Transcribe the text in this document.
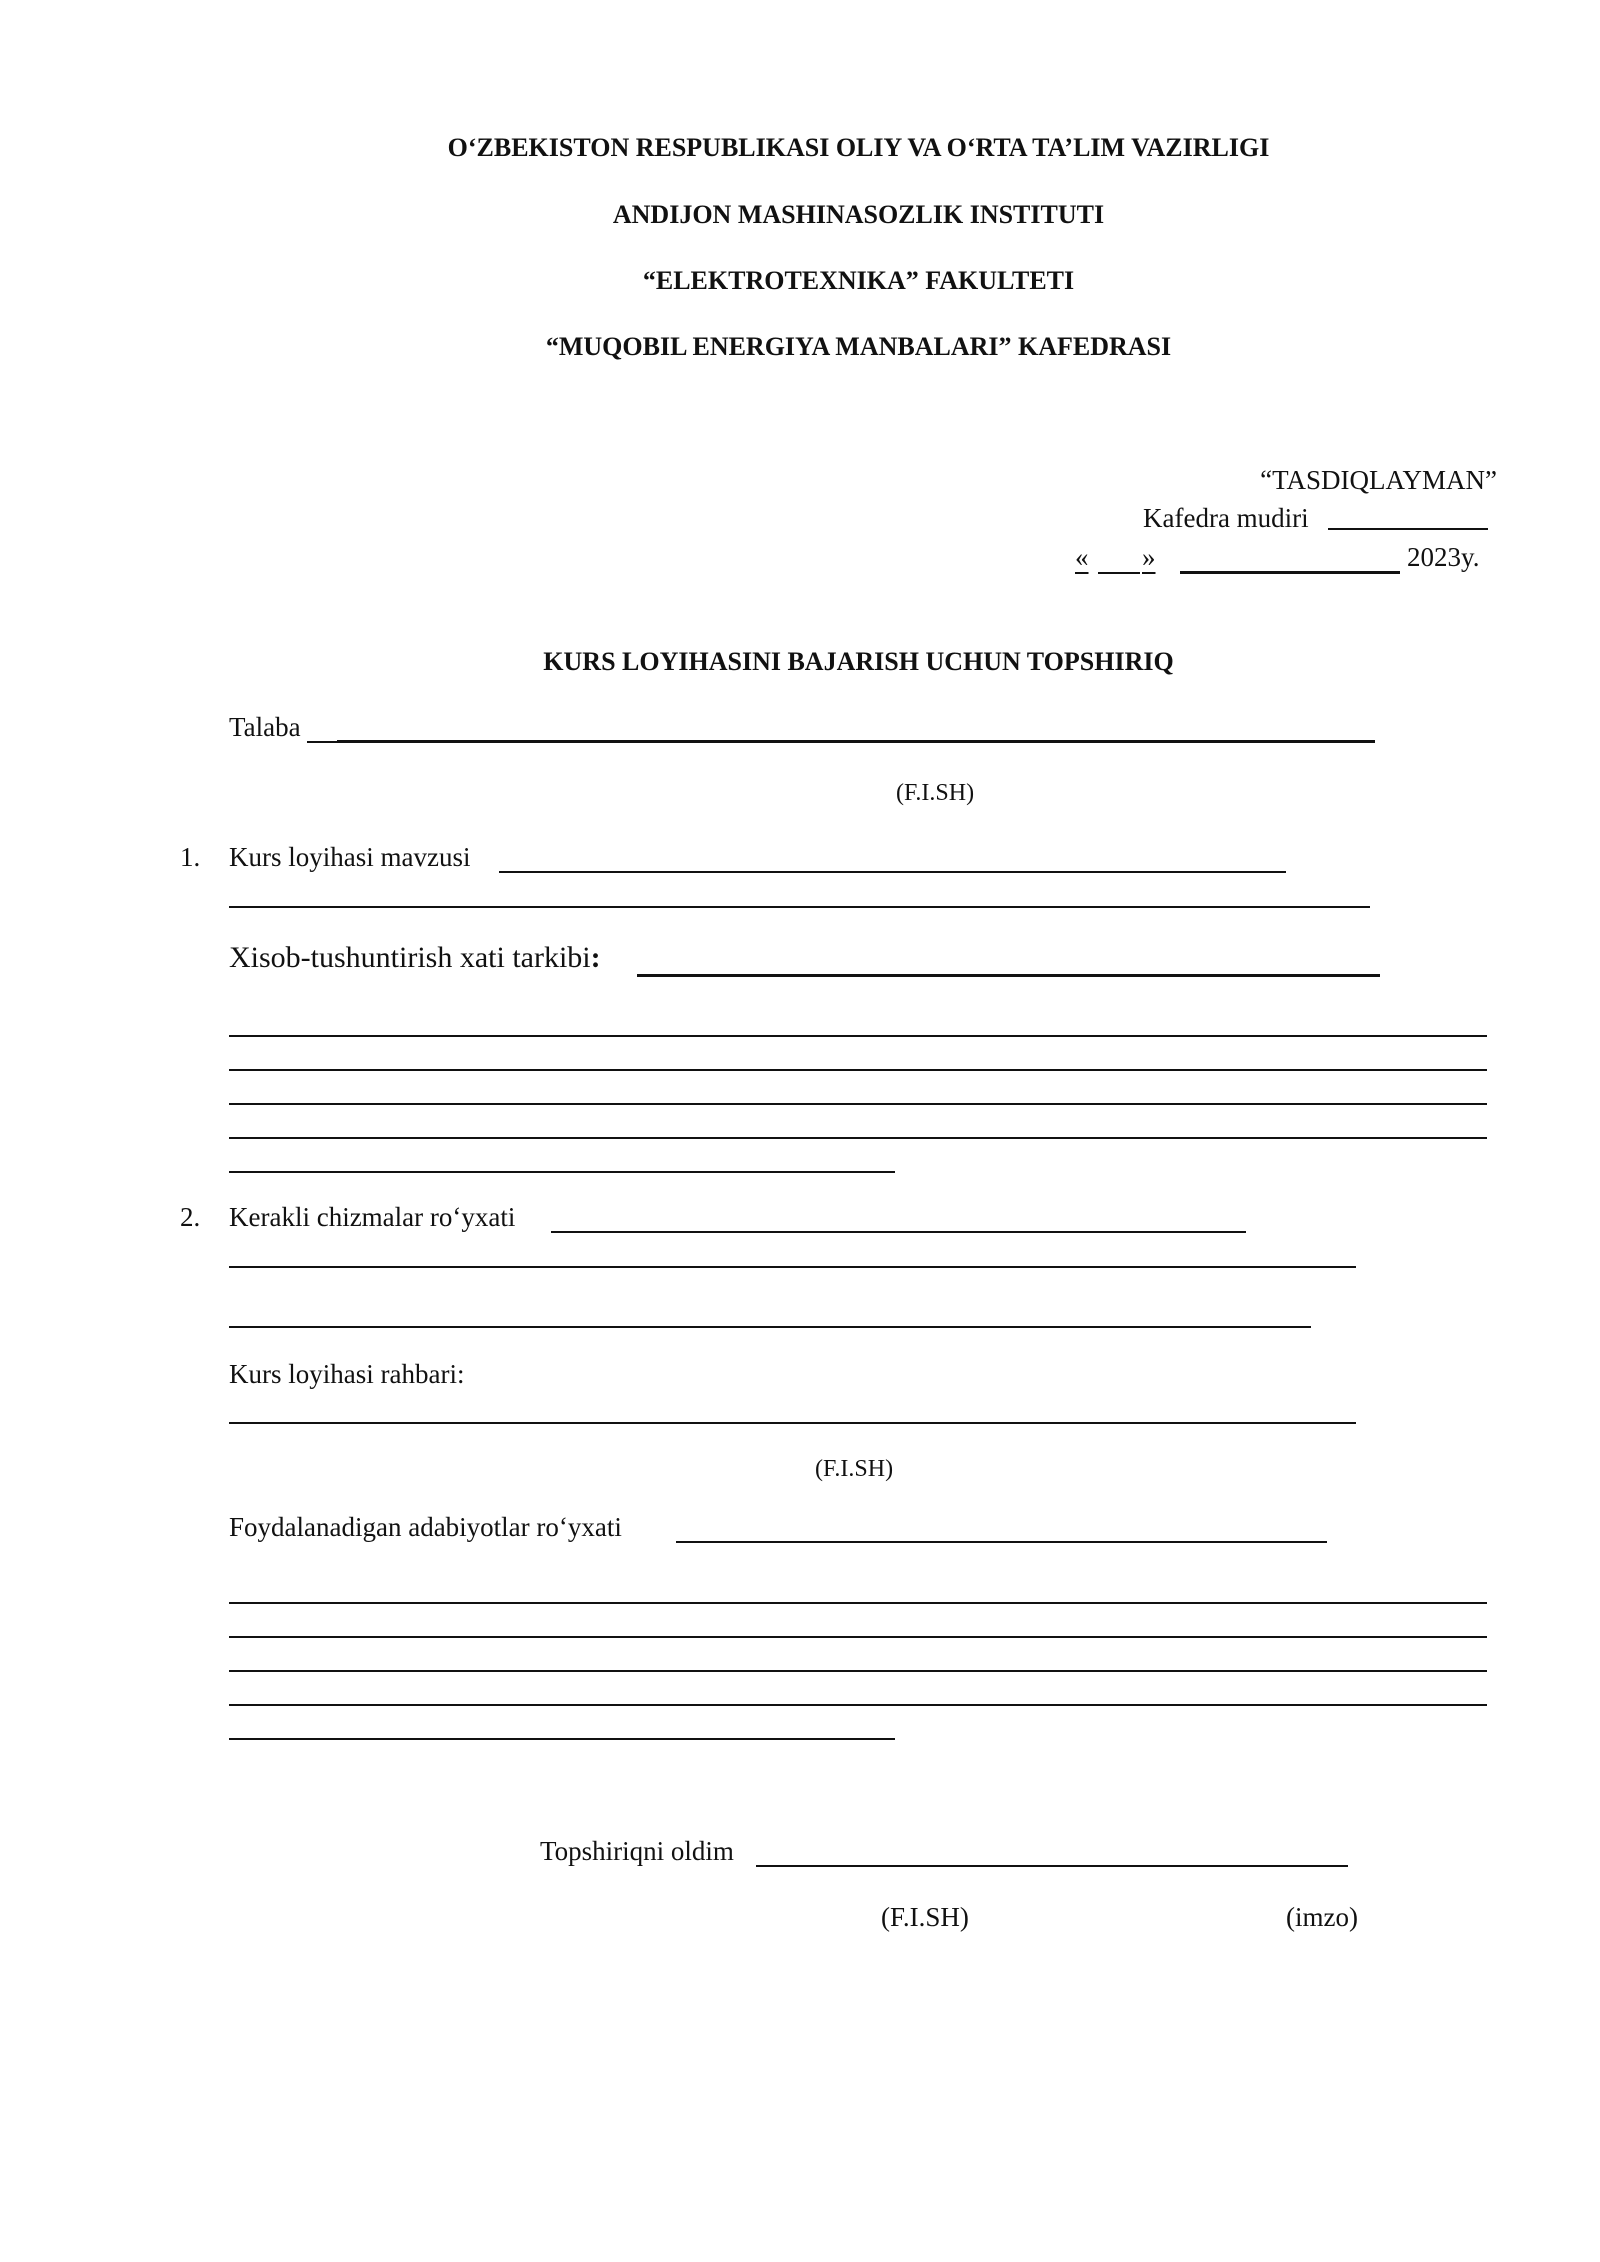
O‘ZBEKISTON RESPUBLIKASI OLIY VA O‘RTA TA’LIM VAZIRLIGI
ANDIJON MASHINASOZLIK INSTITUTI
“ELEKTROTEXNIKA” FAKULTETI
“MUQOBIL ENERGIYA MANBALARI” KAFEDRASI
“TASDIQLAYMAN”
Kafedra mudiri
« »	2023y.
KURS LOYIHASINI BAJARISH UCHUN TOPSHIRIQ
Talaba
(F.I.SH)
1. Kurs loyihasi mavzusi
Xisob-tushuntirish xati tarkibi:
2. Kerakli chizmalar ro‘yxati
Kurs loyihasi rahbari:
(F.I.SH)
Foydalanadigan adabiyotlar ro‘yxati
Topshiriqni oldim
(F.I.SH)	(imzo)
